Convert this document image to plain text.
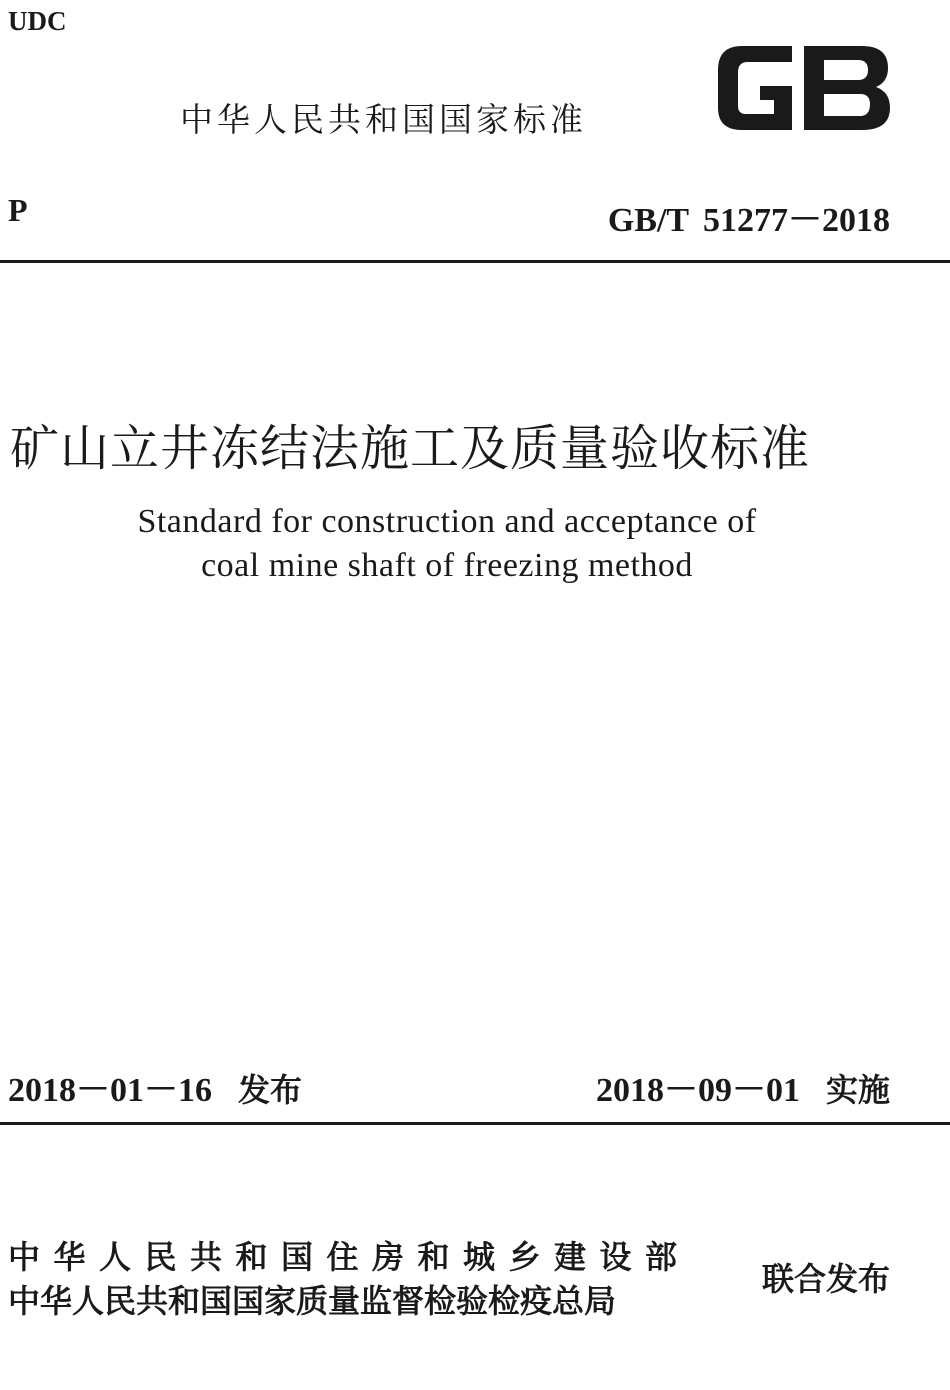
UDC
中华人民共和国国家标准
P	GB/T 51277－2018
矿山立井冻结法施工及质量验收标准
Standard for construction and acceptance of
coal mine shaft of freezing method
2018－01－16 发布	2018－09－01 实施
中华人民共和国住房和城乡建设部
中华人民共和国国家质量监督检验检疫总局
联合发布
